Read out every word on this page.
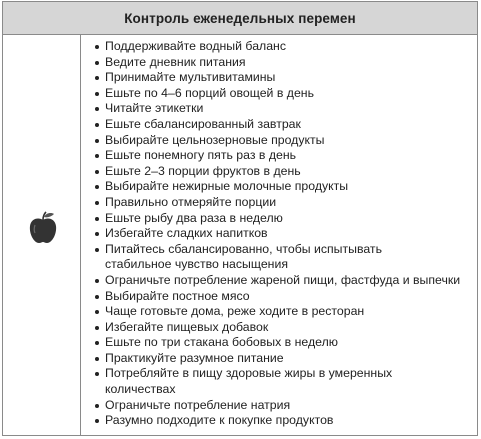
Контроль еженедельных перемен
Поддерживайте водный баланс
Ведите дневник питания
Принимайте мультивитамины
Ешьте по 4–6 порций овощей в день
Читайте этикетки
Ешьте сбалансированный завтрак
Выбирайте цельнозерновые продукты
Ешьте понемногу пять раз в день
Ешьте 2–3 порции фруктов в день
Выбирайте нежирные молочные продукты
Правильно отмеряйте порции
Ешьте рыбу два раза в неделю
Избегайте сладких напитков
Питайтесь сбалансированно, чтобы испытывать стабильное чувство насыщения
Ограничьте потребление жареной пищи, фастфуда и выпечки
Выбирайте постное мясо
Чаще готовьте дома, реже ходите в ресторан
Избегайте пищевых добавок
Ешьте по три стакана бобовых в неделю
Практикуйте разумное питание
Потребляйте в пищу здоровые жиры в умеренных количествах
Ограничьте потребление натрия
Разумно подходите к покупке продуктов
